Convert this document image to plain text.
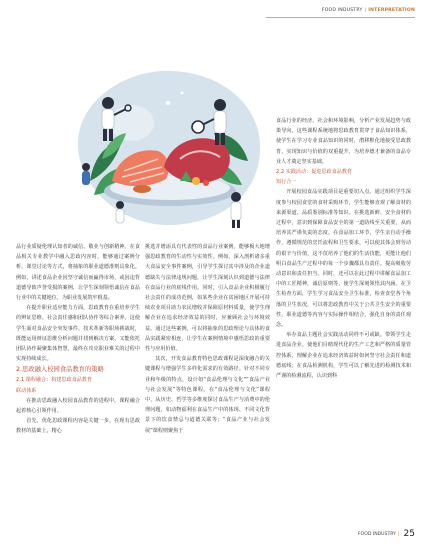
FOOD INDUSTRY | INTERPRETATION

品行业质疑伦理认知者的诚信、敬业与创新精神。在食品相关专业教学中融入思政内容时，能够通过案例分析、课堂讨论等方式，将抽象的职业道德准则具象化。例如，讲述食品企业因坚守诚信而赢得市场，或因违背道德导致声誉受损的案例，让学生深刻领悟诚信在食品行业中的关键地位，为职业发展筑牢根基。

在提升职业适应能力方面，思政教育在重培养学生的辨证思维、社会责任感和团队协作等综合素养。这使学生面对食品安全突发事件、技术革新等职场挑战时，既能运用辩证思维分析问题并找到解决方案，又能依托团队协作凝聚集体智慧，最终在攻克职业难关的过程中实现持续成长。

2.思政融入校园食品教育的策略

2.1 课程融合：构建思政食品教育

联动体系

在推动思政融入校园食品教育的进程中，课程融合起着核心引领作用。

首先，优化思政课程内容是关键一步。在现有思政教材的基础上，精心

挑选并增添具有代表性的食品行业案例，能够极大地增强思政教育的生动性与实效性。例如，深入剖析诸多重大食品安全事件案例，引导学生探讨其中涉及的企业道德缺失与法律违规问题，让学生深刻认识到道德与法律在食品行业的底线作用。同时，引入食品企业积极履行社会责任的成功范例，如某些企业在贫困地区开展可持续农业项目助力农民增收并保障原材料质量，使学生理解企业在追求经济效益的同时，应兼顾社会与环境效益。通过这些案例，可以将抽象的思政理论与具体的食品实践紧密相连，让学生在案例情境中感悟思政的重要性与应用价值。

其次，开发食品教育特色思政课程是深度融合的关键课程与增强学生多样化需求的有效路径。针对不同专业和年级的特点，设计如“食品伦理与文化”“食品产业与社会发展”等特色课程。在“食品伦理与文化”课程中，从历史、哲学等多维度探讨食品生产与消费中的伦理问题，如动物福利在食品生产中的体现、不同文化背景下的饮食禁忌与道德关联等；“食品产业与社会发展”课程则聚焦于

食品行业的经济、社会和环境影响，分析产业发展趋势与政策导向。这些课程系统地将思政教育贯穿于食品知识体系，使学生在学习专业食品知识的同时，潜移默化地接受思政教育，实现知识与价值的双重提升，为培养德才兼备的食品专业人才奠定坚实基础。

2.2 实践活动：促进思政食品教育

知行合一

开展校园食品实践项目是重要切入点。通过组织学生深度参与校园食堂的食材采购环节，学生能够直观了解食材的来源渠道、品质鉴别标准等知识。在挑选新鲜、安全食材的过程中，意识到保障食品安全的第一道防线至关重要，从而培养其严谨负责的态度。在食品加工环节，学生亲自动手操作，遵循规范的烹饪流程和卫生要求，可以使其体会到劳动的艰辛与价值，这不仅培养了他们的生活技能，更能让他们明白食品生产过程中的每一个步骤都具有责任。提高吸收劳动意识和责任担当。同时，还可以在此过程中讲解食品加工中的工匠精神，诚信原则等，使学生深刻领悟其内涵。在卫生检查方面，学生学习食品安全卫生标准，检查食堂各个角落的卫生状况，可以将思政教育中关于公共卫生安全的重要性，职业道德等内容与实际操作相结合，强化自身的责任观念。

举办食品主题社会实践活动同样不可或缺。带领学生走进食品企业，使他们目睹现代化的生产工艺和严格的质量管控体系，理解企业在追求经济效益时如何坚守社会责任和道德底线；在食品检测机构，学生可以了解先进的检测技术和严谨的检测流程，认识到科

FOOD INDUSTRY | 25
